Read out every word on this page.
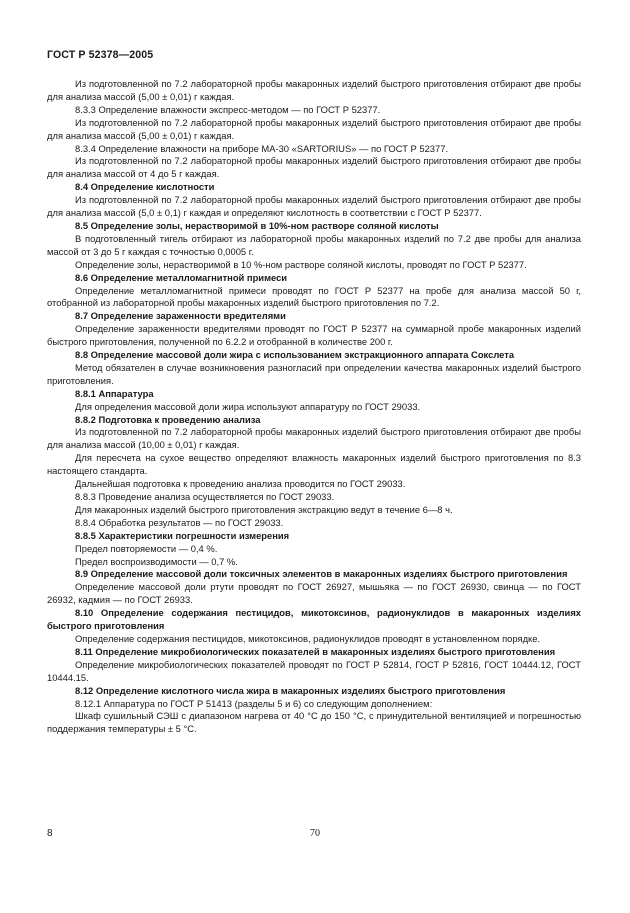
ГОСТ Р 52378—2005

Из подготовленной по 7.2 лабораторной пробы макаронных изделий быстрого приготовления отбирают две пробы для анализа массой (5,00 ± 0,01) г каждая.

8.3.3 Определение влажности экспресс-методом — по ГОСТ Р 52377.

Из подготовленной по 7.2 лабораторной пробы макаронных изделий быстрого приготовления отбирают две пробы для анализа массой (5,00 ± 0,01) г каждая.

8.3.4 Определение влажности на приборе МА-30 «SARTORIUS» — по ГОСТ Р 52377.

Из подготовленной по 7.2 лабораторной пробы макаронных изделий быстрого приготовления отбирают две пробы для анализа массой от 4 до 5 г каждая.

8.4 Определение кислотности

Из подготовленной по 7.2 лабораторной пробы макаронных изделий быстрого приготовления отбирают две пробы для анализа массой (5,0 ± 0,1) г каждая и определяют кислотность в соответствии с ГОСТ Р 52377.

8.5 Определение золы, нерастворимой в 10%-ном растворе соляной кислоты

В подготовленный тигель отбирают из лабораторной пробы макаронных изделий по 7.2 две пробы для анализа массой от 3 до 5 г каждая с точностью 0,0005 г.

Определение золы, нерастворимой в 10 %-ном растворе соляной кислоты, проводят по ГОСТ Р 52377.

8.6 Определение металломагнитной примеси

Определение металломагнитной примеси проводят по ГОСТ Р 52377 на пробе для анализа массой 50 г, отобранной из лабораторной пробы макаронных изделий быстрого приготовления по 7.2.

8.7 Определение зараженности вредителями

Определение зараженности вредителями проводят по ГОСТ Р 52377 на суммарной пробе макаронных изделий быстрого приготовления, полученной по 6.2.2 и отобранной в количестве 200 г.

8.8 Определение массовой доли жира с использованием экстракционного аппарата Сокслета

Метод обязателен в случае возникновения разногласий при определении качества макаронных изделий быстрого приготовления.

8.8.1 Аппаратура

Для определения массовой доли жира используют аппаратуру по ГОСТ 29033.

8.8.2 Подготовка к проведению анализа

Из подготовленной по 7.2 лабораторной пробы макаронных изделий быстрого приготовления отбирают две пробы для анализа массой (10,00 ± 0,01) г каждая.

Для пересчета на сухое вещество определяют влажность макаронных изделий быстрого приготовления по 8.3 настоящего стандарта.

Дальнейшая подготовка к проведению анализа проводится по ГОСТ 29033.

8.8.3 Проведение анализа осуществляется по ГОСТ 29033.

Для макаронных изделий быстрого приготовления экстракцию ведут в течение 6—8 ч.

8.8.4 Обработка результатов — по ГОСТ 29033.

8.8.5 Характеристики погрешности измерения

Предел повторяемости — 0,4 %.

Предел воспроизводимости — 0,7 %.

8.9 Определение массовой доли токсичных элементов в макаронных изделиях быстрого приготовления

Определение массовой доли ртути проводят по ГОСТ 26927, мышьяка — по ГОСТ 26930, свинца — по ГОСТ 26932, кадмия — по ГОСТ 26933.

8.10 Определение содержания пестицидов, микотоксинов, радионуклидов в макаронных изделиях быстрого приготовления

Определение содержания пестицидов, микотоксинов, радионуклидов проводят в установленном порядке.

8.11 Определение микробиологических показателей в макаронных изделиях быстрого приготовления

Определение микробиологических показателей проводят по ГОСТ Р 52814, ГОСТ Р 52816, ГОСТ 10444.12, ГОСТ 10444.15.

8.12 Определение кислотного числа жира в макаронных изделиях быстрого приготовления

8.12.1 Аппаратура по ГОСТ Р 51413 (разделы 5 и 6) со следующим дополнением:

Шкаф сушильный СЭШ с диапазоном нагрева от 40 °С до 150 °С, с принудительной вентиляцией и погрешностью поддержания температуры ± 5 °С.

8	70
